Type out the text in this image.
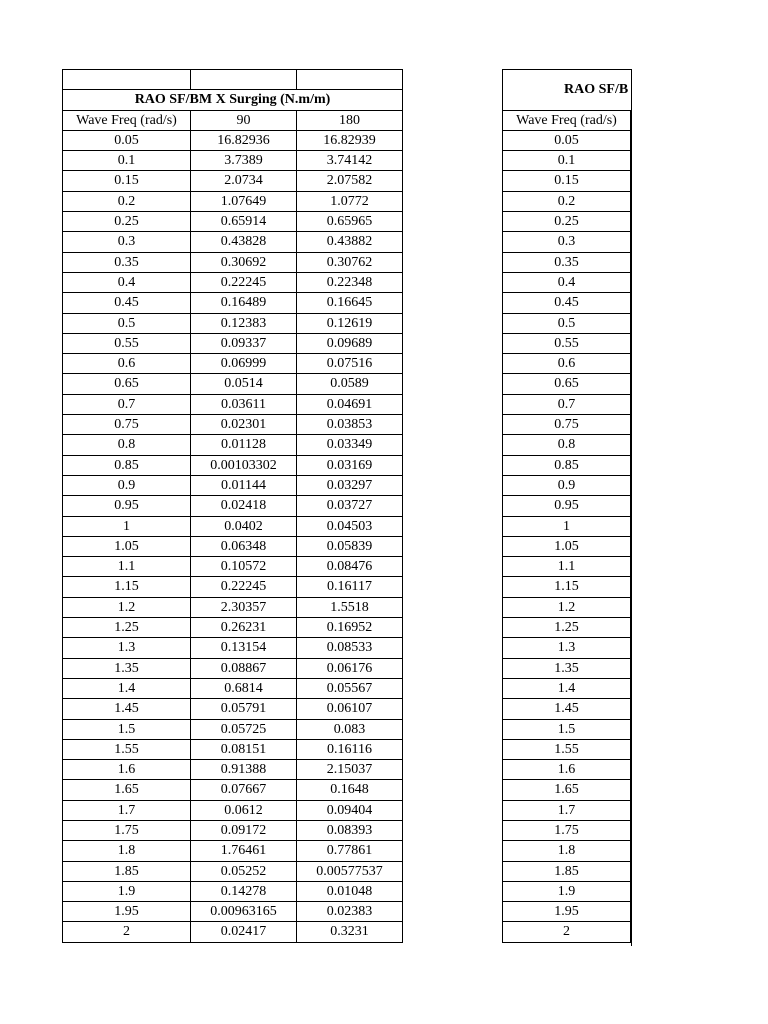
RAO SF/BM X Surging (N.m/m)		
Wave Freq (rad/s)	90	180
0.05	16.82936	16.82939
0.1	3.7389	3.74142
0.15	2.0734	2.07582
0.2	1.07649	1.0772
0.25	0.65914	0.65965
0.3	0.43828	0.43882
0.35	0.30692	0.30762
0.4	0.22245	0.22348
0.45	0.16489	0.16645
0.5	0.12383	0.12619
0.55	0.09337	0.09689
0.6	0.06999	0.07516
0.65	0.0514	0.0589
0.7	0.03611	0.04691
0.75	0.02301	0.03853
0.8	0.01128	0.03349
0.85	0.00103302	0.03169
0.9	0.01144	0.03297
0.95	0.02418	0.03727
1	0.0402	0.04503
1.05	0.06348	0.05839
1.1	0.10572	0.08476
1.15	0.22245	0.16117
1.2	2.30357	1.5518
1.25	0.26231	0.16952
1.3	0.13154	0.08533
1.35	0.08867	0.06176
1.4	0.6814	0.05567
1.45	0.05791	0.06107
1.5	0.05725	0.083
1.55	0.08151	0.16116
1.6	0.91388	2.15037
1.65	0.07667	0.1648
1.7	0.0612	0.09404
1.75	0.09172	0.08393
1.8	1.76461	0.77861
1.85	0.05252	0.00577537
1.9	0.14278	0.01048
1.95	0.00963165	0.02383
2	0.02417	0.3231
RAO SF/B		
Wave Freq (rad/s)		
0.05		
0.1		
0.15		
0.2		
0.25		
0.3		
0.35		
0.4		
0.45		
0.5		
0.55		
0.6		
0.65		
0.7		
0.75		
0.8		
0.85		
0.9		
0.95		
1		
1.05		
1.1		
1.15		
1.2		
1.25		
1.3		
1.35		
1.4		
1.45		
1.5		
1.55		
1.6		
1.65		
1.7		
1.75		
1.8		
1.85		
1.9		
1.95		
2		
